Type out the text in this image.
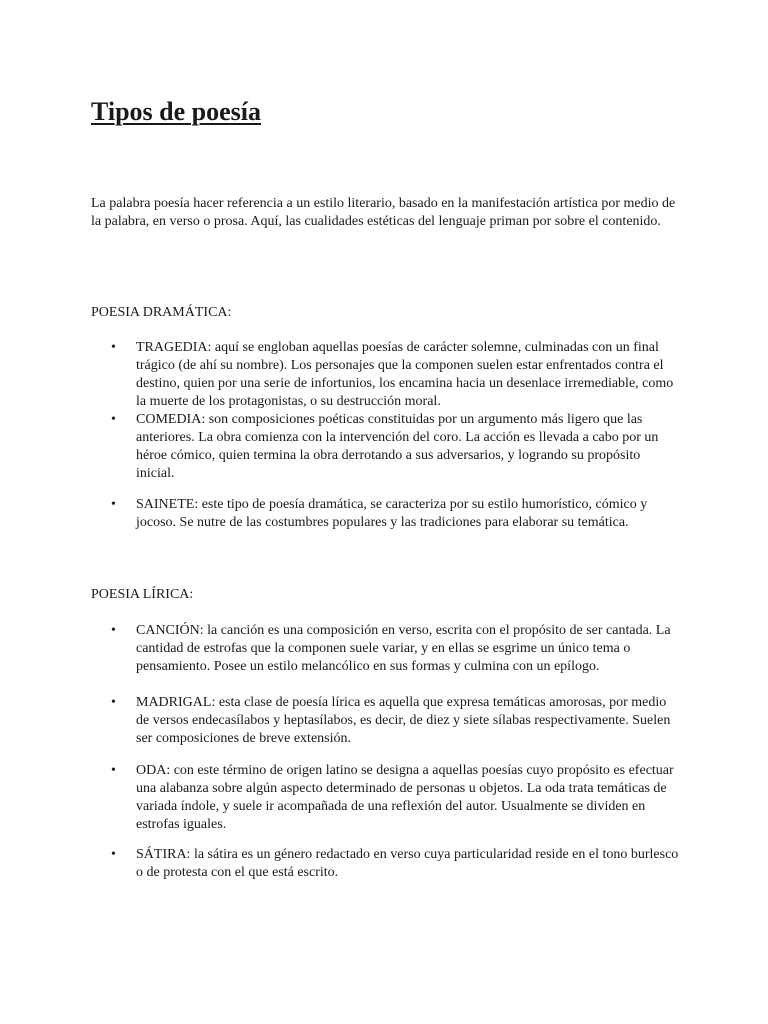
Tipos de poesía

La palabra poesía hacer referencia a un estilo literario, basado en la manifestación artística por medio de la palabra, en verso o prosa. Aquí, las cualidades estéticas del lenguaje priman por sobre el contenido.

POESIA DRAMÁTICA:

•	TRAGEDIA: aquí se engloban aquellas poesías de carácter solemne, culminadas con un final trágico (de ahí su nombre). Los personajes que la componen suelen estar enfrentados contra el destino, quien por una serie de infortunios, los encamina hacia un desenlace irremediable, como la muerte de los protagonistas, o su destrucción moral.
•	COMEDIA: son composiciones poéticas constituidas por un argumento más ligero que las anteriores. La obra comienza con la intervención del coro. La acción es llevada a cabo por un héroe cómico, quien termina la obra derrotando a sus adversarios, y logrando su propósito inicial.
•	SAINETE: este tipo de poesía dramática, se caracteriza por su estilo humorístico, cómico y jocoso. Se nutre de las costumbres populares y las tradiciones para elaborar su temática.

POESIA LÍRICA:

•	CANCIÓN: la canción es una composición en verso, escrita con el propósito de ser cantada. La cantidad de estrofas que la componen suele variar, y en ellas se esgrime un único tema o pensamiento. Posee un estilo melancólico en sus formas y culmina con un epílogo.
•	MADRIGAL: esta clase de poesía lírica es aquella que expresa temáticas amorosas, por medio de versos endecasílabos y heptasílabos, es decir, de diez y siete sílabas respectivamente. Suelen ser composiciones de breve extensión.
•	ODA: con este término de origen latino se designa a aquellas poesías cuyo propósito es efectuar una alabanza sobre algún aspecto determinado de personas u objetos. La oda trata temáticas de variada índole, y suele ir acompañada de una reflexión del autor. Usualmente se dividen en estrofas iguales.
•	SÁTIRA: la sátira es un género redactado en verso cuya particularidad reside en el tono burlesco o de protesta con el que está escrito.
